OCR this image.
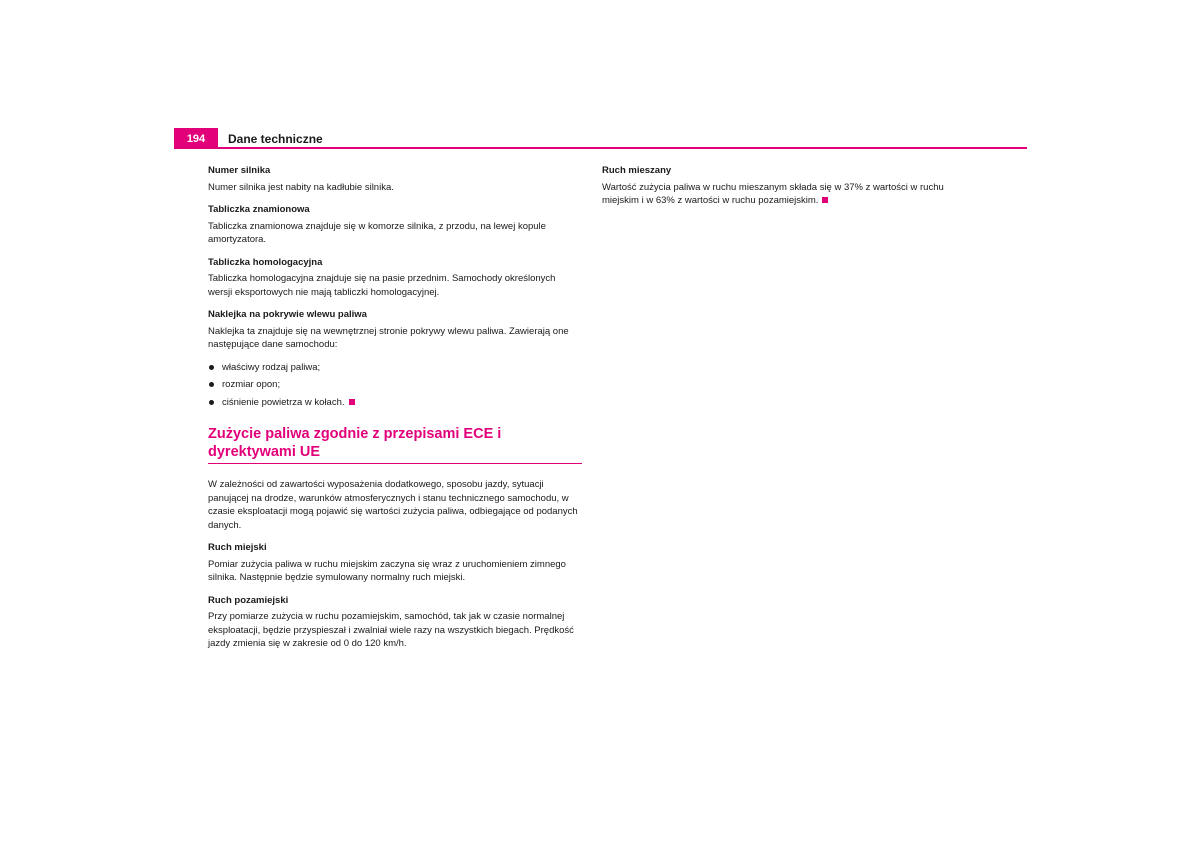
194	Dane techniczne
Numer silnika

Numer silnika jest nabity na kadłubie silnika.

Tabliczka znamionowa

Tabliczka znamionowa znajduje się w komorze silnika, z przodu, na lewej kopule amortyzatora.

Tabliczka homologacyjna

Tabliczka homologacyjna znajduje się na pasie przednim. Samochody określonych wersji eksportowych nie mają tabliczki homologacyjnej.

Naklejka na pokrywie wlewu paliwa

Naklejka ta znajduje się na wewnętrznej stronie pokrywy wlewu paliwa. Zawierają one następujące dane samochodu:

właściwy rodzaj paliwa;
rozmiar opon;
ciśnienie powietrza w kołach.
Zużycie paliwa zgodnie z przepisami ECE i dyrektywami UE

W zależności od zawartości wyposażenia dodatkowego, sposobu jazdy, sytuacji panującej na drodze, warunków atmosferycznych i stanu technicznego samochodu, w czasie eksploatacji mogą pojawić się wartości zużycia paliwa, odbiegające od podanych danych.

Ruch miejski

Pomiar zużycia paliwa w ruchu miejskim zaczyna się wraz z uruchomieniem zimnego silnika. Następnie będzie symulowany normalny ruch miejski.

Ruch pozamiejski

Przy pomiarze zużycia w ruchu pozamiejskim, samochód, tak jak w czasie normalnej eksploatacji, będzie przyspieszał i zwalniał wiele razy na wszystkich biegach. Prędkość jazdy zmienia się w zakresie od 0 do 120 km/h.

Ruch mieszany

Wartość zużycia paliwa w ruchu mieszanym składa się w 37% z wartości w ruchu miejskim i w 63% z wartości w ruchu pozamiejskim.
